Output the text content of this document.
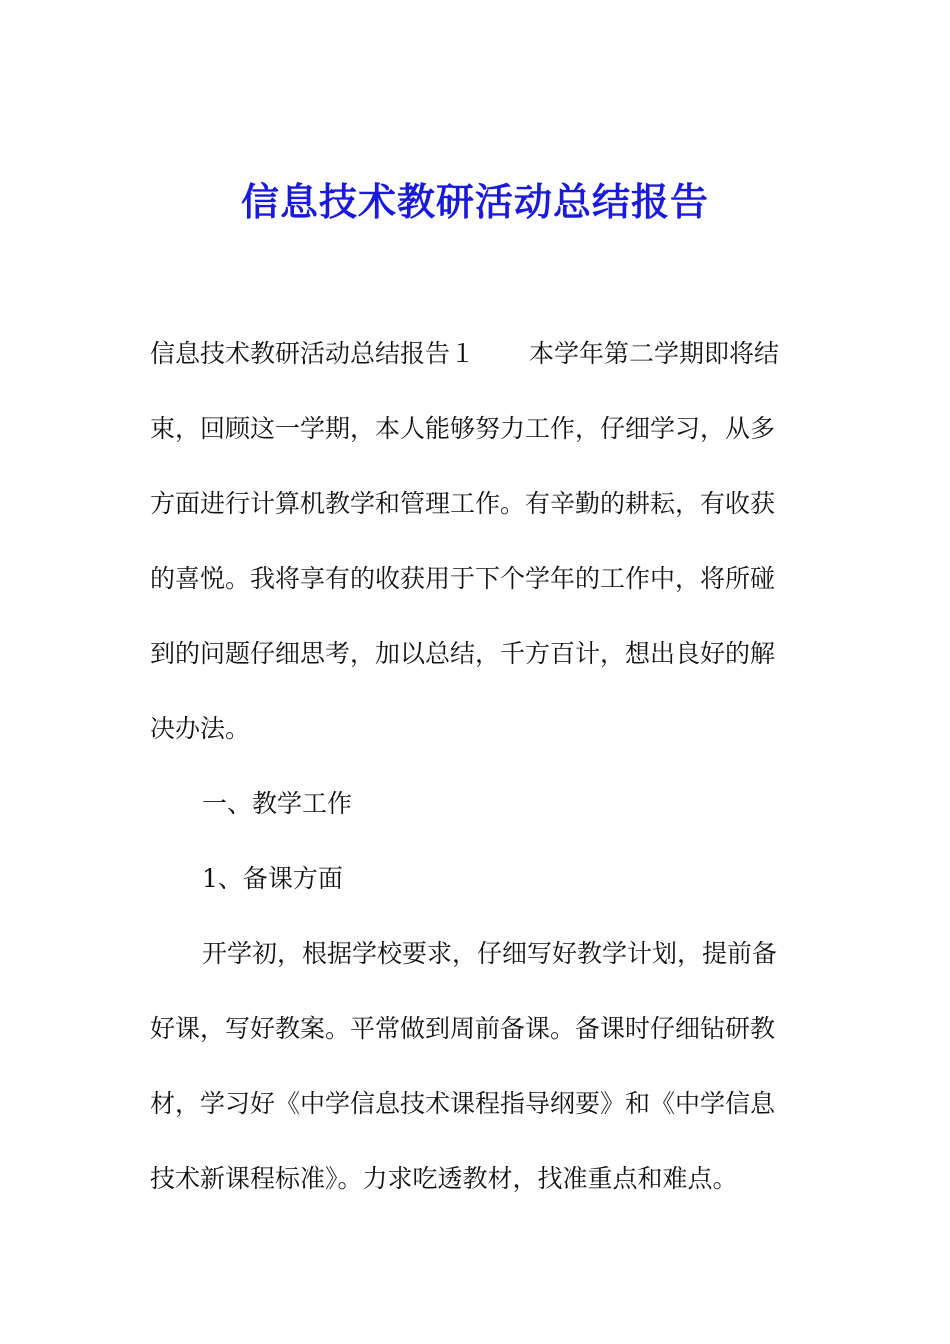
信息技术教研活动总结报告
信息技术教研活动总结报告１ 本学年第二学期即将结
束，回顾这一学期，本人能够努力工作，仔细学习，从多
方面进行计算机教学和管理工作。有辛勤的耕耘，有收获
的喜悦。我将享有的收获用于下个学年的工作中，将所碰
到的问题仔细思考，加以总结，千方百计，想出良好的解
决办法。
一、教学工作
1、备课方面
开学初，根据学校要求，仔细写好教学计划，提前备
好课，写好教案。平常做到周前备课。备课时仔细钻研教
材，学习好《中学信息技术课程指导纲要》和《中学信息
技术新课程标准》。力求吃透教材，找准重点和难点。
